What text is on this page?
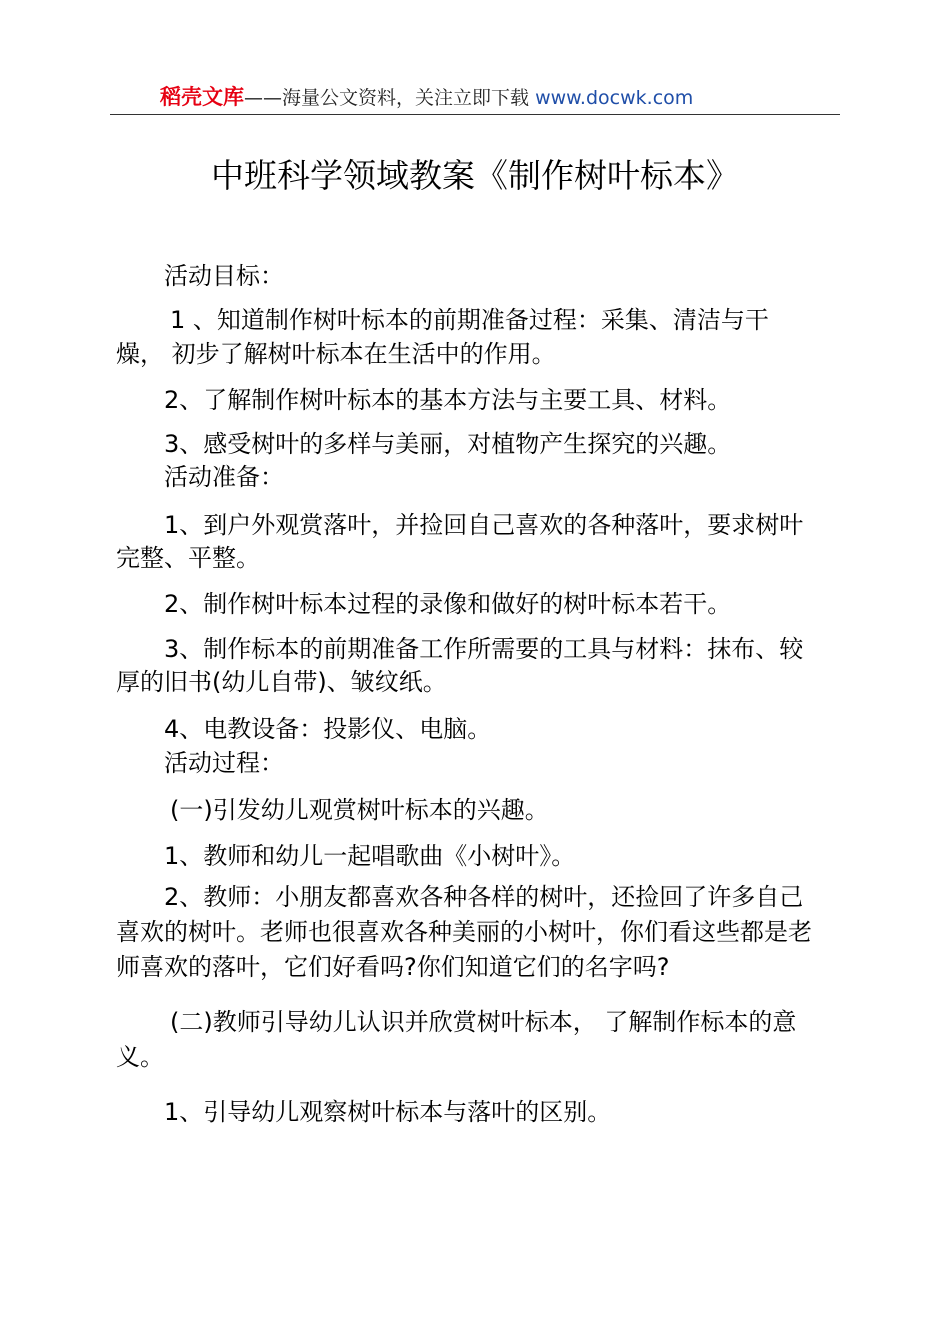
稻壳文库——海量公文资料，关注立即下载 www.docwk.com
中班科学领域教案《制作树叶标本》
活动目标：
1 、知道制作树叶标本的前期准备过程：采集、清洁与干
燥， 初步了解树叶标本在生活中的作用。
2、了解制作树叶标本的基本方法与主要工具、材料。
3、感受树叶的多样与美丽，对植物产生探究的兴趣。
活动准备：
1、到户外观赏落叶，并捡回自己喜欢的各种落叶，要求树叶
完整、平整。
2、制作树叶标本过程的录像和做好的树叶标本若干。
3、制作标本的前期准备工作所需要的工具与材料：抹布、较
厚的旧书(幼儿自带)、皱纹纸。
4、电教设备：投影仪、电脑。
活动过程：
(一)引发幼儿观赏树叶标本的兴趣。
1、教师和幼儿一起唱歌曲《小树叶》。
2、教师：小朋友都喜欢各种各样的树叶，还捡回了许多自己
喜欢的树叶。老师也很喜欢各种美丽的小树叶，你们看这些都是老
师喜欢的落叶，它们好看吗?你们知道它们的名字吗?
(二)教师引导幼儿认识并欣赏树叶标本， 了解制作标本的意
义。
1、引导幼儿观察树叶标本与落叶的区别。
